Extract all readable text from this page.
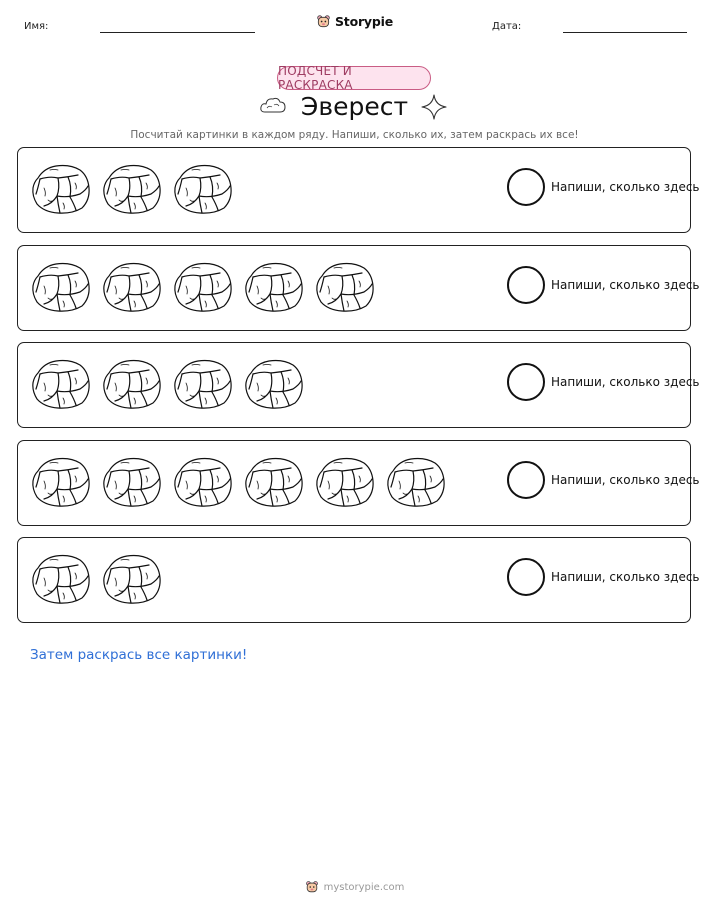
Имя:	Storypie	Дата:
ПОДСЧЕТ И РАСКРАСКА
Эверест
Посчитай картинки в каждом ряду. Напиши, сколько их, затем раскрась их все!
Напиши, сколько здесь
Напиши, сколько здесь
Напиши, сколько здесь
Напиши, сколько здесь
Напиши, сколько здесь
Затем раскрась все картинки!
mystorypie.com
